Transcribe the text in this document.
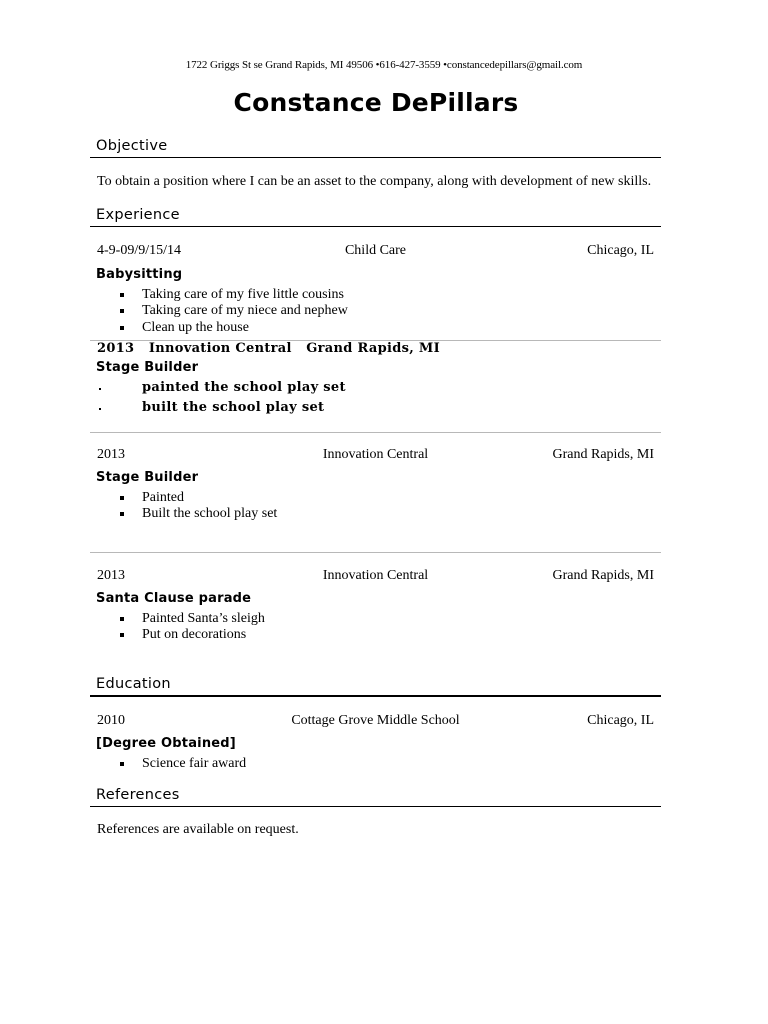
1722 Griggs St se Grand Rapids, MI 49506 •616-427-3559 •constancedepillars@gmail.com
Constance DePillars
Objective
To obtain a position where I can be an asset to the company, along with development of new skills.
Experience
4-9-09/9/15/14	Child Care	Chicago, IL
Babysitting
Taking care of my five little cousins
Taking care of my niece and nephew
Clean up the house
2013   Innovation Central   Grand Rapids, MI
Stage Builder
painted the school play set
built the school play set
2013	Innovation Central	Grand Rapids, MI
Stage Builder
Painted
Built the school play set
2013	Innovation Central	Grand Rapids, MI
Santa Clause parade
Painted Santa’s sleigh
Put on decorations
Education
2010	Cottage Grove Middle School	Chicago, IL
[Degree Obtained]
Science fair award
References
References are available on request.
